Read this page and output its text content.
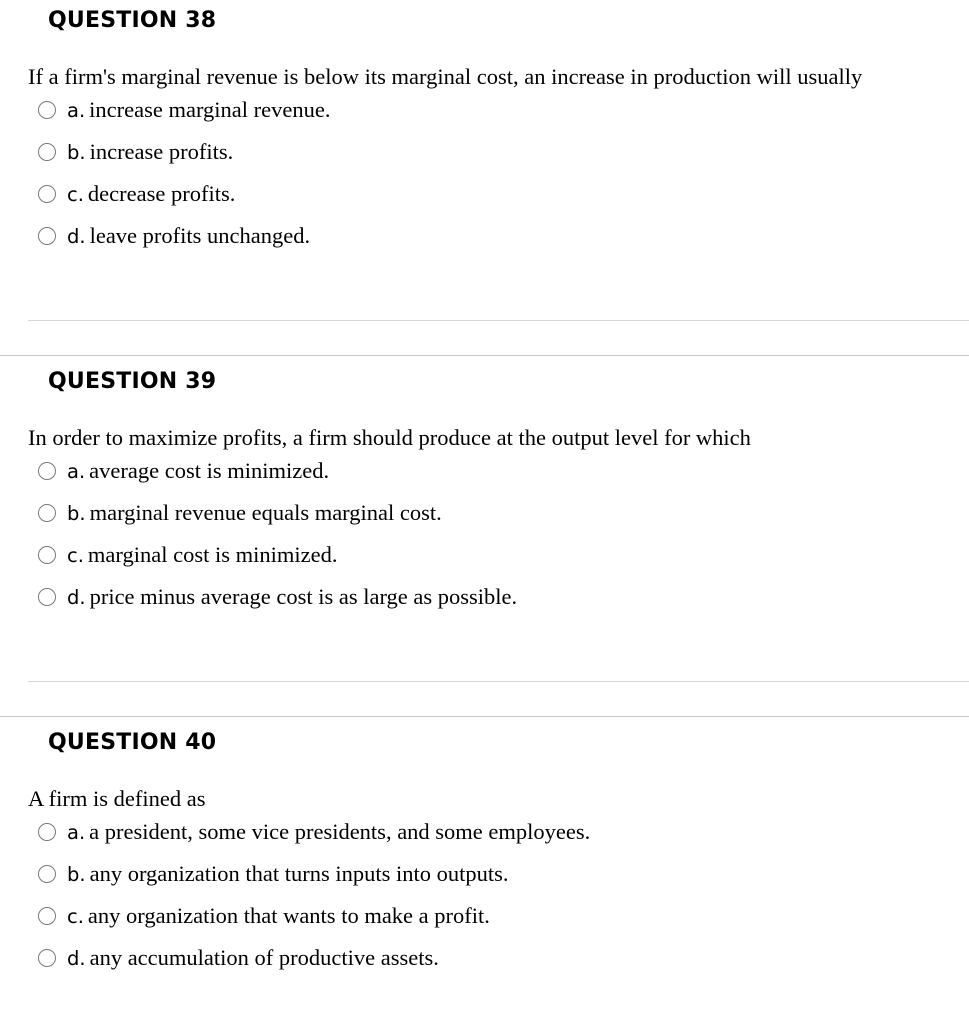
QUESTION 38
If a firm's marginal revenue is below its marginal cost, an increase in production will usually
a. increase marginal revenue.
b. increase profits.
c. decrease profits.
d. leave profits unchanged.
QUESTION 39
In order to maximize profits, a firm should produce at the output level for which
a. average cost is minimized.
b. marginal revenue equals marginal cost.
c. marginal cost is minimized.
d. price minus average cost is as large as possible.
QUESTION 40
A firm is defined as
a. a president, some vice presidents, and some employees.
b. any organization that turns inputs into outputs.
c. any organization that wants to make a profit.
d. any accumulation of productive assets.
